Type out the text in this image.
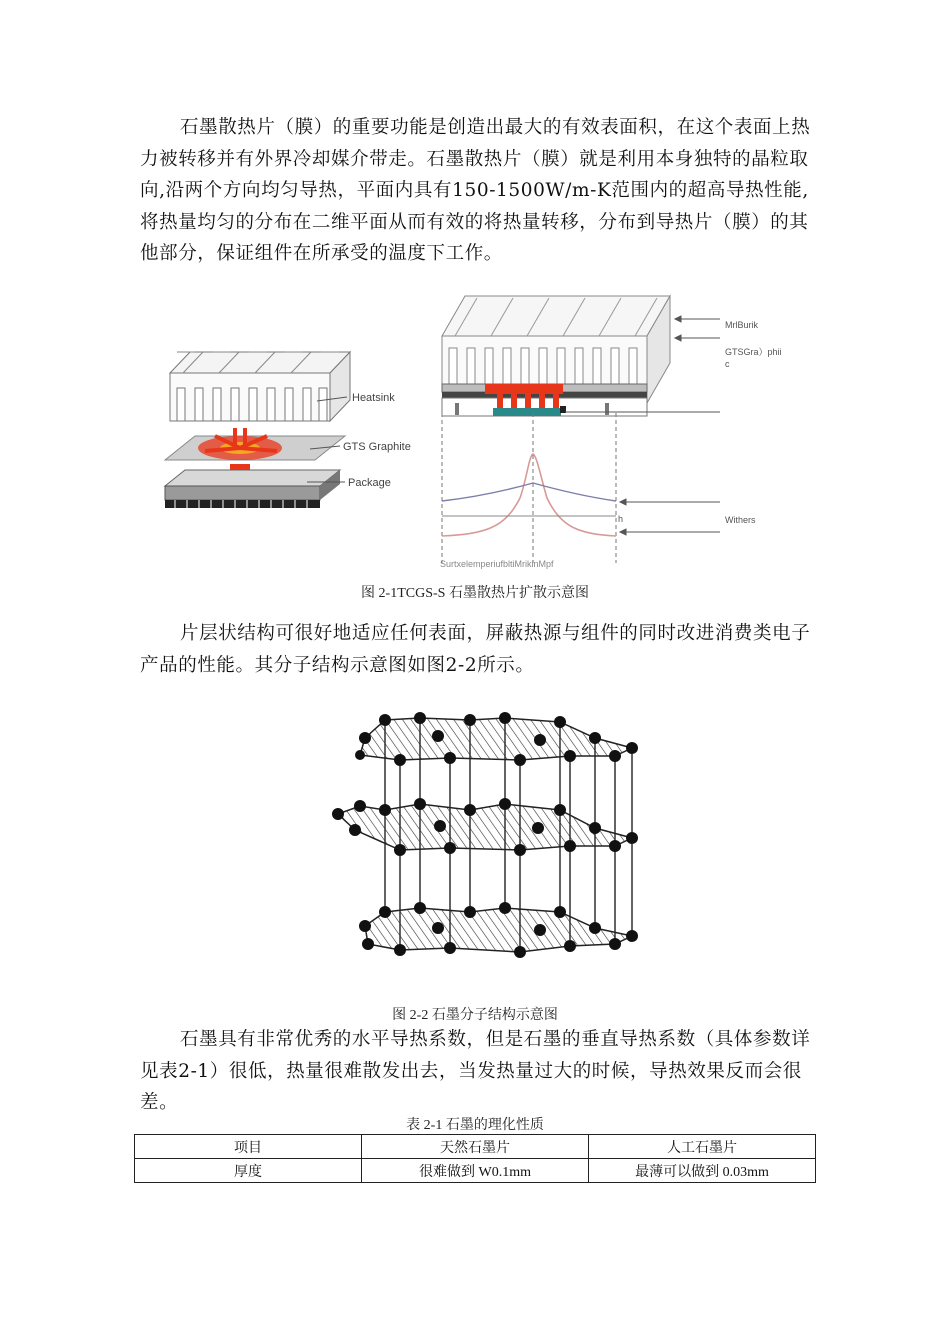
石墨散热片（膜）的重要功能是创造出最大的有效表面积，在这个表面上热力被转移并有外界冷却媒介带走。石墨散热片（膜）就是利用本身独特的晶粒取向,沿两个方向均匀导热，平面内具有150-1500W/m-K范围内的超高导热性能,将热量均匀的分布在二维平面从而有效的将热量转移，分布到导热片（膜）的其他部分，保证组件在所承受的温度下工作。

Heatsink
GTS Graphite
Package
MrlBurik
GTSGra）phii
c
h	Withers
SurtxelemperiufbltiMrikinMpf

图 2-1TCGS-S 石墨散热片扩散示意图

片层状结构可很好地适应任何表面，屏蔽热源与组件的同时改进消费类电子产品的性能。其分子结构示意图如图2-2所示。

图 2-2 石墨分子结构示意图

石墨具有非常优秀的水平导热系数，但是石墨的垂直导热系数（具体参数详见表2-1）很低，热量很难散发出去，当发热量过大的时候，导热效果反而会很差。

表 2-1 石墨的理化性质

项目	天然石墨片	人工石墨片
厚度	很难做到 W0.1mm	最薄可以做到 0.03mm
